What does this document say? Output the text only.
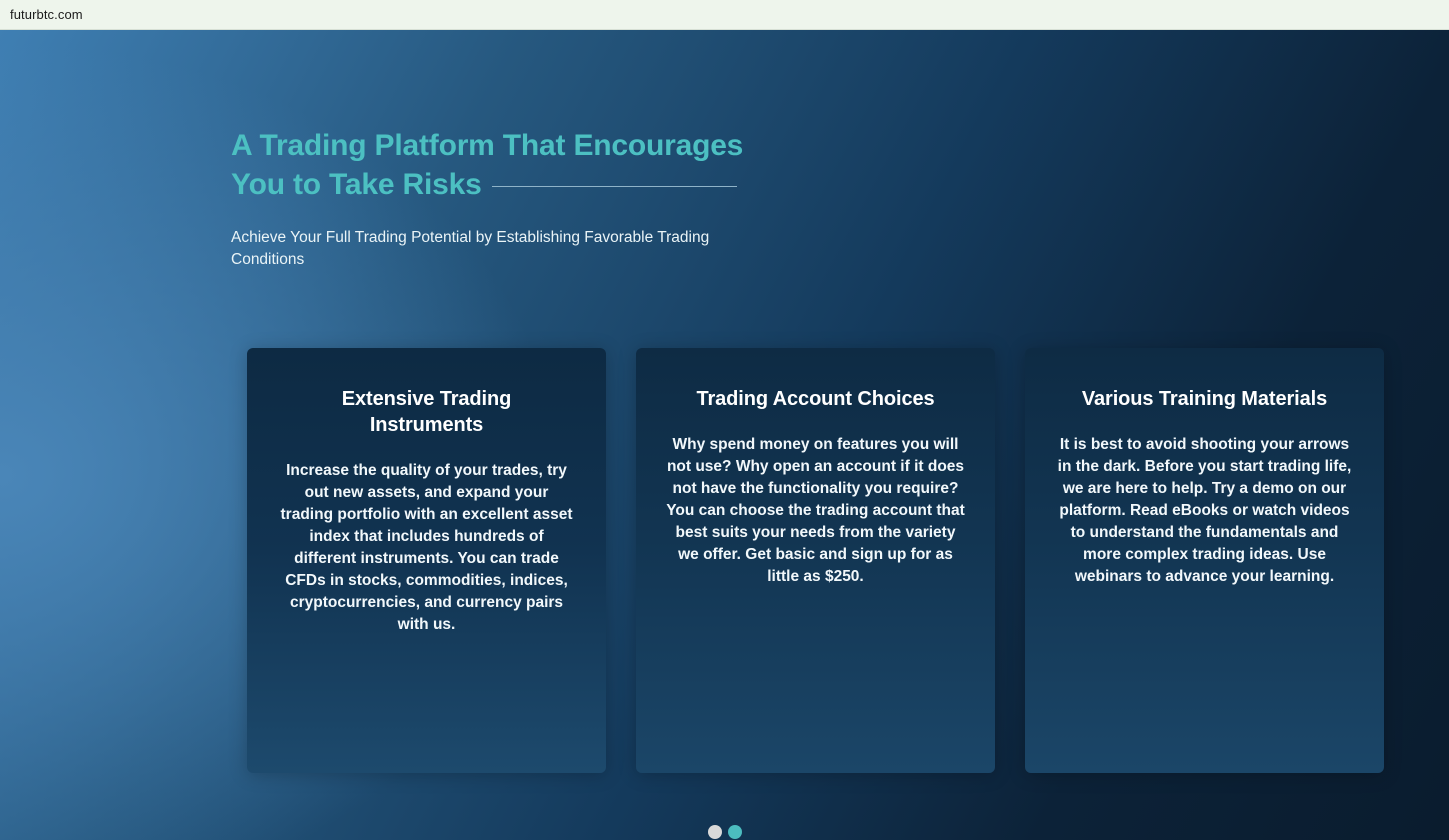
futurbtc.com
A Trading Platform That Encourages
You to Take Risks
Achieve Your Full Trading Potential by Establishing Favorable Trading Conditions
Extensive Trading Instruments
Increase the quality of your trades, try out new assets, and expand your trading portfolio with an excellent asset index that includes hundreds of different instruments. You can trade CFDs in stocks, commodities, indices, cryptocurrencies, and currency pairs with us.
Trading Account Choices
Why spend money on features you will not use? Why open an account if it does not have the functionality you require? You can choose the trading account that best suits your needs from the variety we offer. Get basic and sign up for as little as $250.
Various Training Materials
It is best to avoid shooting your arrows in the dark. Before you start trading life, we are here to help. Try a demo on our platform. Read eBooks or watch videos to understand the fundamentals and more complex trading ideas. Use webinars to advance your learning.
